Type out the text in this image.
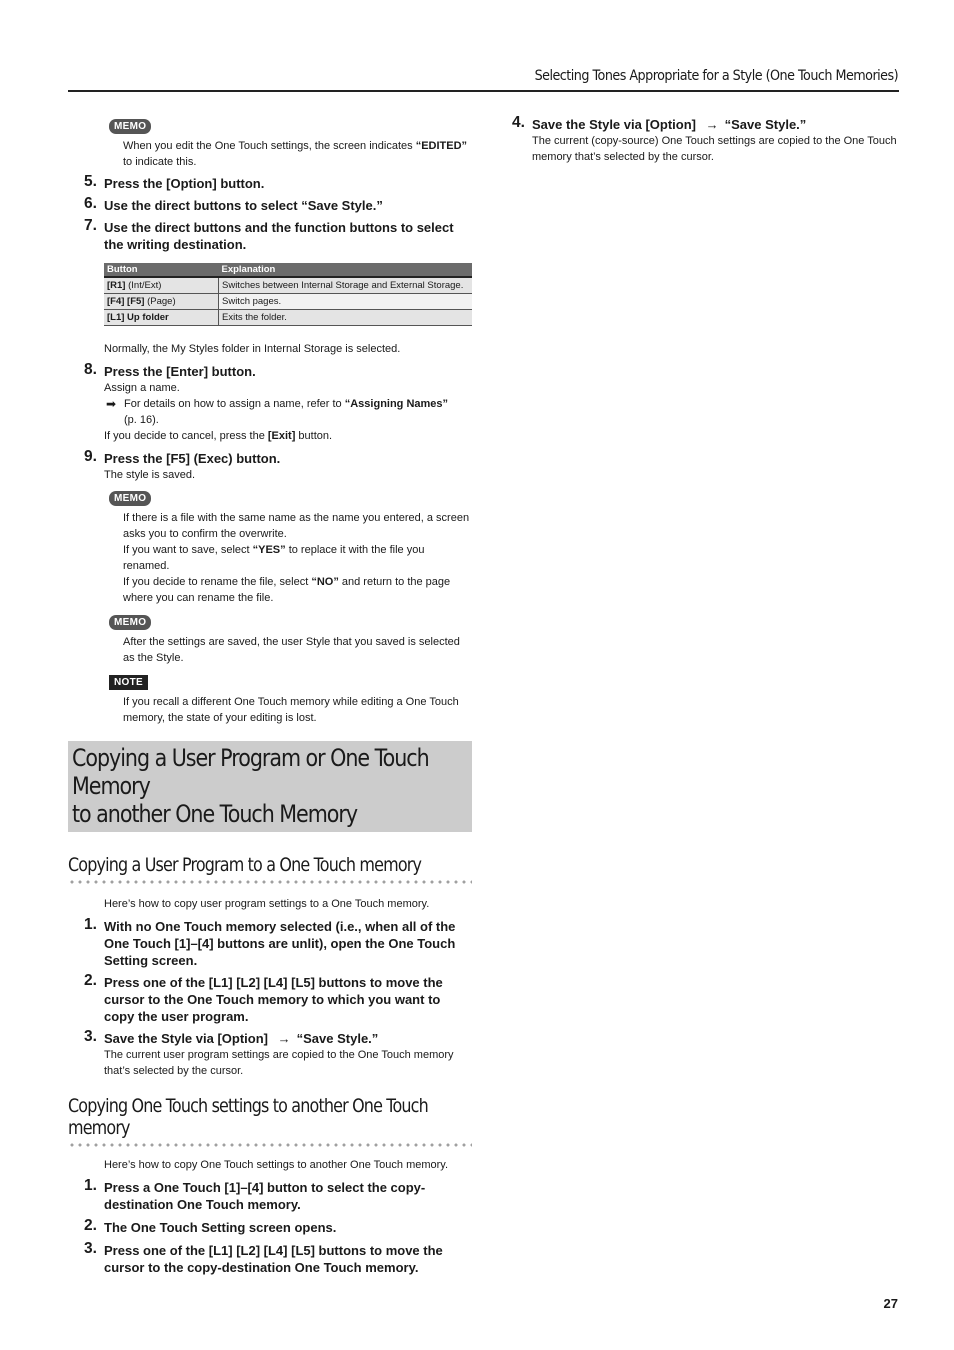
Selecting Tones Appropriate for a Style (One Touch Memories)
MEMO
When you edit the One Touch settings, the screen indicates “EDITED” to indicate this.
5. Press the [Option] button.
6. Use the direct buttons to select “Save Style.”
7. Use the direct buttons and the function buttons to select the writing destination.
Button	Explanation
[R1] (Int/Ext)	Switches between Internal Storage and External Storage.
[F4] [F5] (Page)	Switch pages.
[L1] Up folder	Exits the folder.
Normally, the My Styles folder in Internal Storage is selected.
8. Press the [Enter] button.
Assign a name.
➡ For details on how to assign a name, refer to “Assigning Names”
(p. 16).
If you decide to cancel, press the [Exit] button.
9. Press the [F5] (Exec) button.
The style is saved.
MEMO
If there is a file with the same name as the name you entered, a screen asks you to confirm the overwrite.
If you want to save, select “YES” to replace it with the file you renamed.
If you decide to rename the file, select “NO” and return to the page where you can rename the file.
MEMO
After the settings are saved, the user Style that you saved is selected as the Style.
NOTE
If you recall a different One Touch memory while editing a One Touch memory, the state of your editing is lost.
Copying a User Program or One Touch Memory
to another One Touch Memory
Copying a User Program to a One Touch memory
Here’s how to copy user program settings to a One Touch memory.
1. With no One Touch memory selected (i.e., when all of the One Touch [1]–[4] buttons are unlit), open the One Touch Setting screen.
2. Press one of the [L1] [L2] [L4] [L5] buttons to move the cursor to the One Touch memory to which you want to copy the user program.
3. Save the Style via [Option] → “Save Style.”
The current user program settings are copied to the One Touch memory that’s selected by the cursor.
Copying One Touch settings to another One Touch
memory
Here’s how to copy One Touch settings to another One Touch memory.
1. Press a One Touch [1]–[4] button to select the copy-destination One Touch memory.
2. The One Touch Setting screen opens.
3. Press one of the [L1] [L2] [L4] [L5] buttons to move the cursor to the copy-destination One Touch memory.
4. Save the Style via [Option] → “Save Style.”
The current (copy-source) One Touch settings are copied to the One Touch memory that’s selected by the cursor.
27
